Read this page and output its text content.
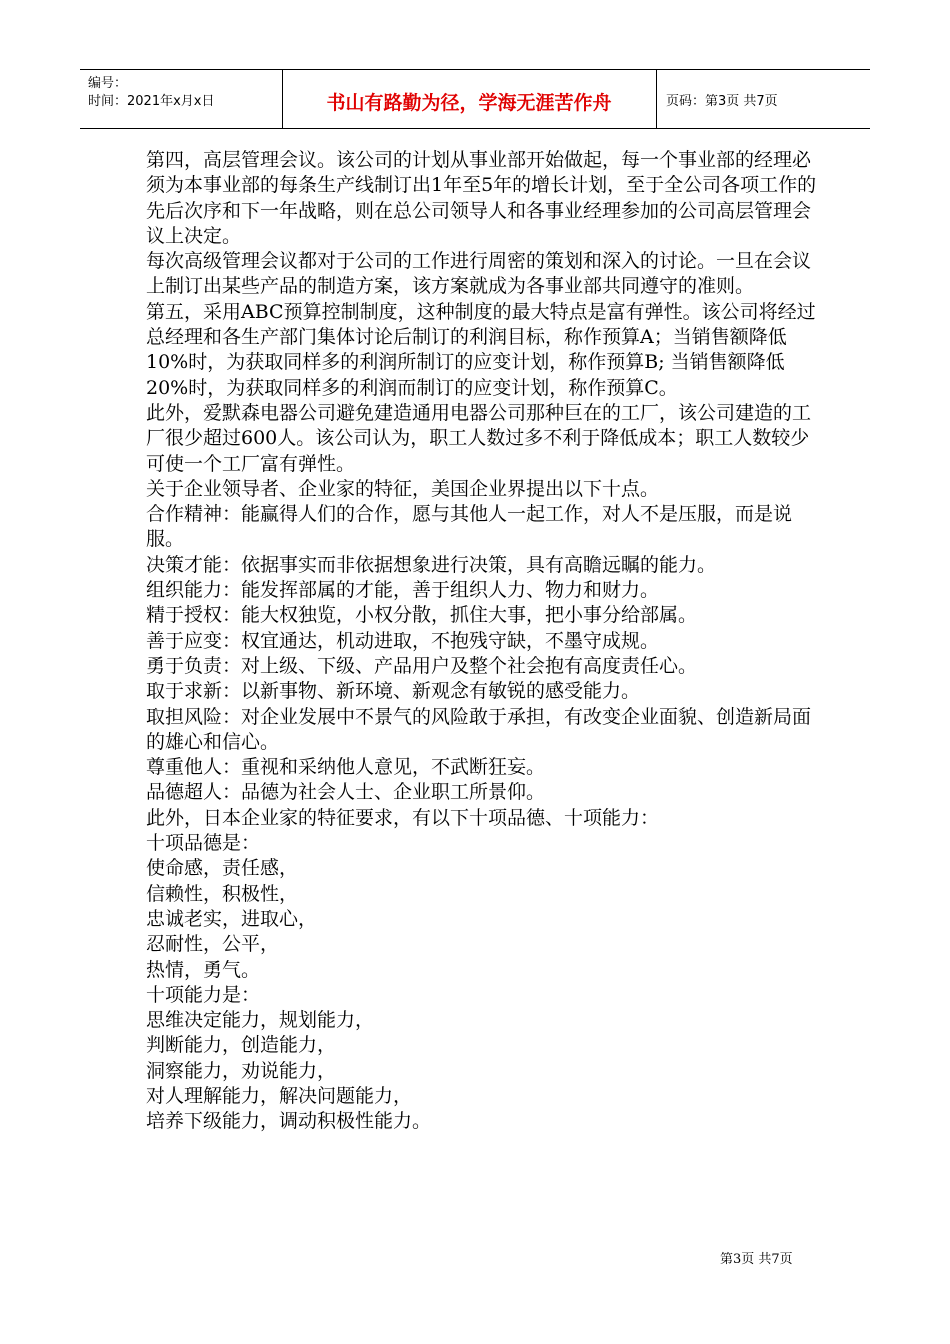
编号：
时间：2021年x月x日	书山有路勤为径，学海无涯苦作舟	页码：第3页 共7页

第四，高层管理会议。该公司的计划从事业部开始做起，每一个事业部的经理必须为本事业部的每条生产线制订出1年至5年的增长计划，至于全公司各项工作的先后次序和下一年战略，则在总公司领导人和各事业经理参加的公司高层管理会议上决定。

每次高级管理会议都对于公司的工作进行周密的策划和深入的讨论。一旦在会议上制订出某些产品的制造方案，该方案就成为各事业部共同遵守的准则。

第五，采用ABC预算控制制度，这种制度的最大特点是富有弹性。该公司将经过总经理和各生产部门集体讨论后制订的利润目标，称作预算A；当销售额降低10%时，为获取同样多的利润所制订的应变计划，称作预算B; 当销售额降低20%时，为获取同样多的利润而制订的应变计划，称作预算C。

此外，爱默森电器公司避免建造通用电器公司那种巨在的工厂，该公司建造的工厂很少超过600人。该公司认为，职工人数过多不利于降低成本；职工人数较少可使一个工厂富有弹性。

关于企业领导者、企业家的特征，美国企业界提出以下十点。

合作精神：能赢得人们的合作，愿与其他人一起工作，对人不是压服，而是说服。

决策才能：依据事实而非依据想象进行决策，具有高瞻远瞩的能力。

组织能力：能发挥部属的才能，善于组织人力、物力和财力。

精于授权：能大权独览，小权分散，抓住大事，把小事分给部属。

善于应变：权宜通达，机动进取，不抱残守缺，不墨守成规。

勇于负责：对上级、下级、产品用户及整个社会抱有高度责任心。

取于求新：以新事物、新环境、新观念有敏锐的感受能力。

取担风险：对企业发展中不景气的风险敢于承担，有改变企业面貌、创造新局面的雄心和信心。

尊重他人：重视和采纳他人意见，不武断狂妄。

品德超人：品德为社会人士、企业职工所景仰。

此外，日本企业家的特征要求，有以下十项品德、十项能力：

十项品德是：

使命感，责任感，

信赖性，积极性，

忠诚老实，进取心，

忍耐性，公平，

热情，勇气。

十项能力是：

思维决定能力，规划能力，

判断能力，创造能力，

洞察能力，劝说能力，

对人理解能力，解决问题能力，

培养下级能力，调动积极性能力。

第3页 共7页
